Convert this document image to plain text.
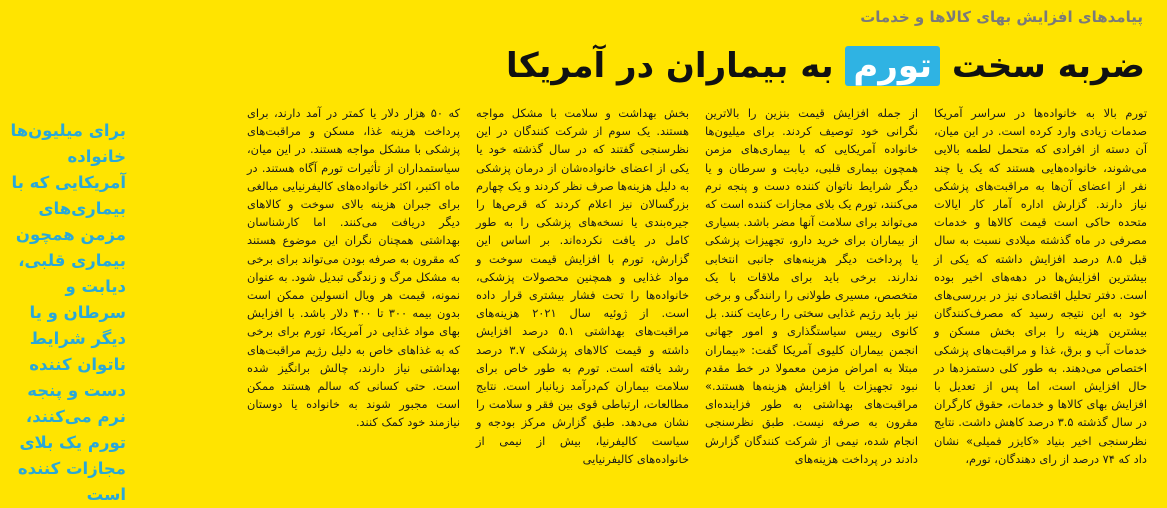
پیامدهای افزایش بهای کالاها و خدمات
ضربه سخت تورم به بیماران در آمریکا

تورم بالا به خانواده‌ها در سراسر آمریکا صدمات زیادی وارد کرده است. در این میان، آن دسته از افرادی که متحمل لطمه بالایی می‌شوند، خانواده‌هایی هستند که یک یا چند نفر از اعضای آن‌ها به مراقبت‌های پزشکی نیاز دارند. گزارش اداره آمار کار ایالات متحده حاکی است قیمت کالاها و خدمات مصرفی در ماه گذشته میلادی نسبت به سال قبل ۸.۵ درصد افزایش داشته که یکی از بیشترین افزایش‌ها در دهه‌های اخیر بوده است. دفتر تحلیل اقتصادی نیز در بررسی‌های خود به این نتیجه رسید که مصرف‌کنندگان بیشترین هزینه را برای بخش مسکن و خدمات آب و برق، غذا و مراقبت‌های پزشکی اختصاص می‌دهند. به طور کلی دستمزدها در حال افزایش است، اما پس از تعدیل با افزایش بهای کالاها و خدمات، حقوق کارگران در سال گذشته ۳.۵ درصد کاهش داشت. نتایج نظرسنجی اخیر بنیاد «کایزر فمیلی» نشان داد که ۷۴ درصد از رای دهندگان، تورم،

از جمله افزایش قیمت بنزین را بالاترین نگرانی خود توصیف کردند. برای میلیون‌ها خانواده آمریکایی که با بیماری‌های مزمن همچون بیماری قلبی، دیابت و سرطان و یا دیگر شرایط ناتوان کننده دست و پنجه نرم می‌کنند، تورم یک بلای مجازات کننده است که می‌تواند برای سلامت آنها مضر باشد. بسیاری از بیماران برای خرید دارو، تجهیزات پزشکی یا پرداخت دیگر هزینه‌های جانبی انتخابی ندارند. برخی باید برای ملاقات با یک متخصص، مسیری طولانی را رانندگی و برخی نیز باید رژیم غذایی سختی را رعایت کنند. بل کانوی رییس سیاستگذاری و امور جهانی انجمن بیماران کلیوی آمریکا گفت: «بیماران مبتلا به امراض مزمن معمولا در خط مقدم نبود تجهیزات یا افزایش هزینه‌ها هستند.» مراقبت‌های بهداشتی به طور فزاینده‌ای مقرون به صرفه نیست. طبق نظرسنجی انجام شده، نیمی از شرکت کنندگان گزارش دادند در پرداخت هزینه‌های

بخش بهداشت و سلامت با مشکل مواجه هستند. یک سوم از شرکت کنندگان در این نظرسنجی گفتند که در سال گذشته خود یا یکی از اعضای خانواده‌شان از درمان پزشکی به دلیل هزینه‌ها صرف نظر کردند و یک چهارم بزرگسالان نیز اعلام کردند که قرص‌ها را جیره‌بندی یا نسخه‌های پزشکی را به طور کامل در یافت نکرده‌اند. بر اساس این گزارش، تورم با افزایش قیمت سوخت و مواد غذایی و همچنین محصولات پزشکی، خانواده‌ها را تحت فشار بیشتری قرار داده است. از ژوئیه سال ۲۰۲۱ هزینه‌های مراقبت‌های بهداشتی ۵.۱ درصد افزایش داشته و قیمت کالاهای پزشکی ۳.۷ درصد رشد یافته است. تورم به طور خاص برای سلامت بیماران کم‌درآمد زیانبار است. نتایج مطالعات، ارتباطی قوی بین فقر و سلامت را نشان می‌دهد. طبق گزارش مرکز بودجه و سیاست کالیفرنیا، بیش از نیمی از خانواده‌های کالیفرنیایی

که ۵۰ هزار دلار یا کمتر در آمد دارند، برای پرداخت هزینه غذا، مسکن و مراقبت‌های پزشکی با مشکل مواجه هستند. در این میان، سیاستمداران از تأثیرات تورم آگاه هستند. در ماه اکتبر، اکثر خانواده‌های کالیفرنیایی مبالغی برای جبران هزینه بالای سوخت و کالاهای دیگر دریافت می‌کنند. اما کارشناسان بهداشتی همچنان نگران این موضوع هستند که مقرون به صرفه بودن می‌تواند برای برخی به مشکل مرگ و زندگی تبدیل شود. به عنوان نمونه، قیمت هر ویال انسولین ممکن است بدون بیمه ۳۰۰ تا ۴۰۰ دلار باشد. با افزایش بهای مواد غذایی در آمریکا، تورم برای برخی که به غذاهای خاص به دلیل رژیم مراقبت‌های بهداشتی نیاز دارند، چالش برانگیز شده است. حتی کسانی که سالم هستند ممکن است مجبور شوند به خانواده یا دوستان نیازمند خود کمک کنند.

برای میلیون‌ها خانواده آمریکایی که با بیماری‌های مزمن همچون بیماری قلبی، دیابت و سرطان و یا دیگر شرایط ناتوان کننده دست و پنجه نرم می‌کنند، تورم یک بلای مجازات کننده است
